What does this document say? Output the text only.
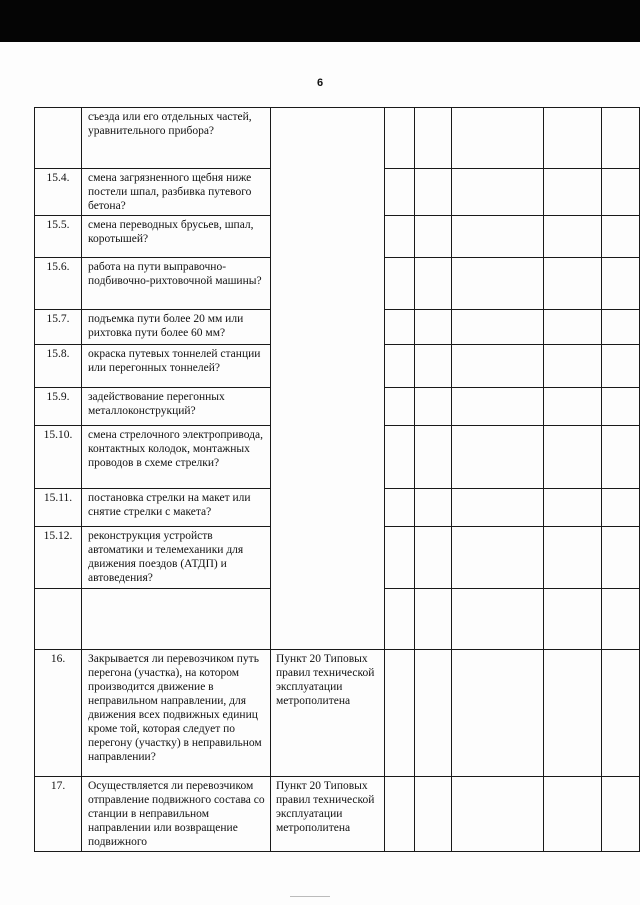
6
	съезда или его отдельных частей, уравнительного прибора?						
15.4.	смена загрязненного щебня ниже постели шпал, разбивка путевого бетона?						
15.5.	смена переводных брусьев, шпал, коротышей?						
15.6.	работа на пути выправочно-подбивочно-рихтовочной машины?						
15.7.	подъемка пути более 20 мм или рихтовка пути более 60 мм?						
15.8.	окраска путевых тоннелей станции или перегонных тоннелей?						
15.9.	задействование перегонных металлоконструкций?						
15.10.	смена стрелочного электропривода, контактных колодок, монтажных проводов в схеме стрелки?						
15.11.	постановка стрелки на макет или снятие стрелки с макета?						
15.12.	реконструкция устройств автоматики и телемеханики для движения поездов (АТДП) и автоведения?						

16.	Закрывается ли перевозчиком путь перегона (участка), на котором производится движение в неправильном направлении, для движения всех подвижных единиц кроме той, которая следует по перегону (участку) в неправильном направлении?	Пункт 20 Типовых правил технической эксплуатации метрополитена					
17.	Осуществляется ли перевозчиком отправление подвижного состава со станции в неправильном направлении или возвращение подвижного	Пункт 20 Типовых правил технической эксплуатации метрополитена					
